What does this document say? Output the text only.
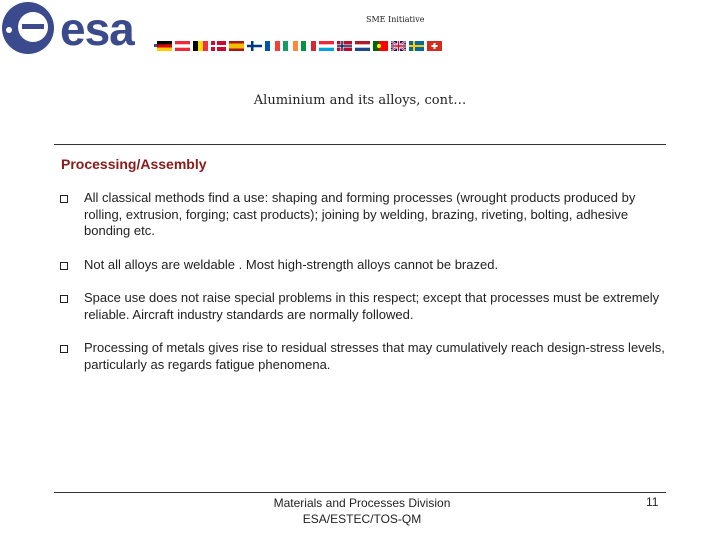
esa	SME Initiative
Aluminium and its alloys, cont…
Processing/Assembly
All classical methods find a use: shaping and forming processes (wrought products produced by rolling, extrusion, forging; cast products); joining by welding, brazing, riveting, bolting, adhesive bonding etc.
Not all alloys are weldable . Most high-strength alloys cannot be brazed.
Space use does not raise special problems in this respect; except that processes must be extremely reliable. Aircraft industry standards are normally followed.
Processing of metals gives rise to residual stresses that may cumulatively reach design-stress levels, particularly as regards fatigue phenomena.
Materials and Processes Division
ESA/ESTEC/TOS-QM
11
